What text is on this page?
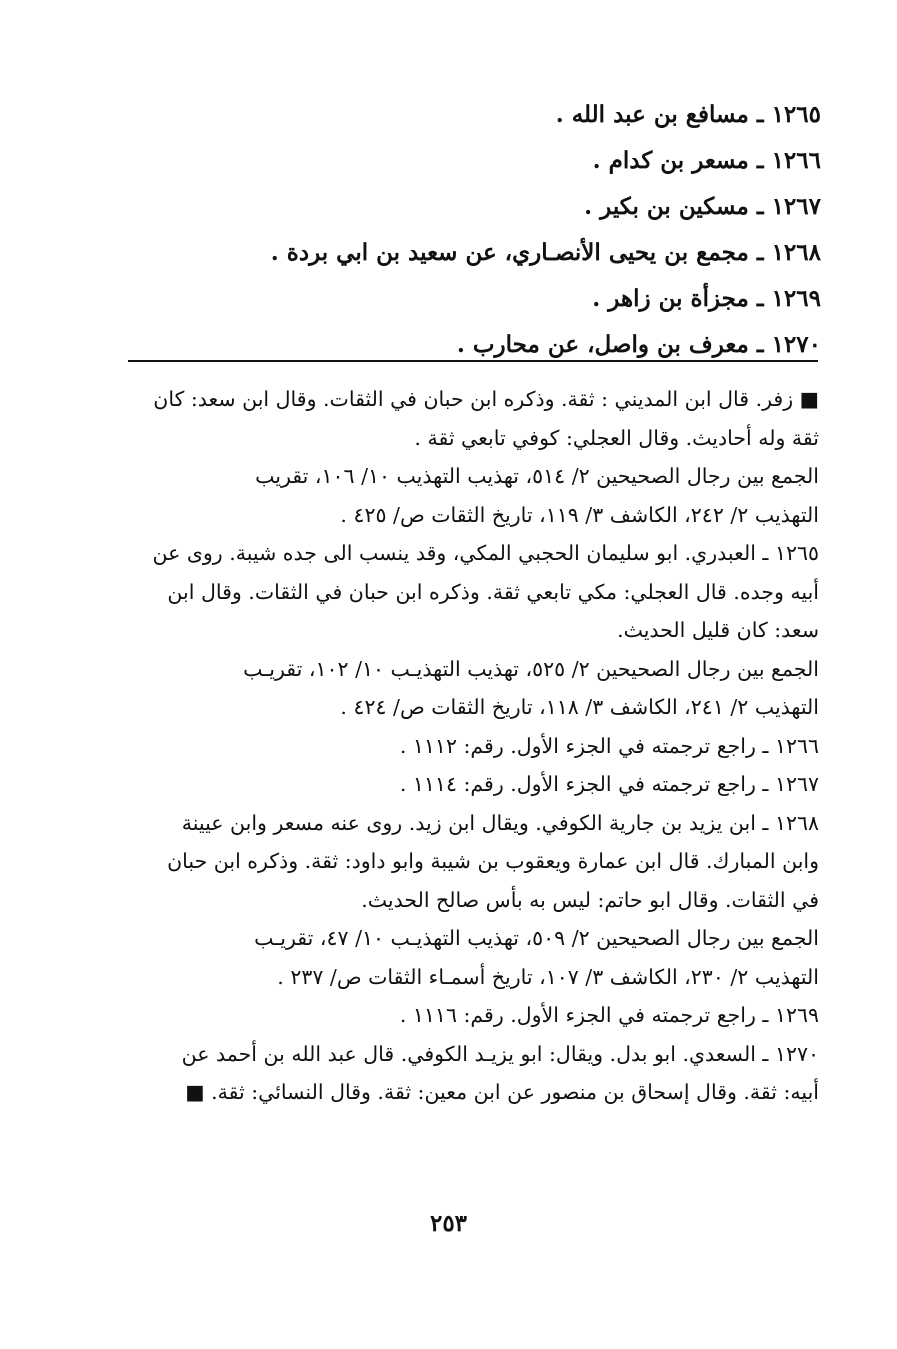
١٢٦٥ ـ مسافع بن عبد الله .
١٢٦٦ ـ مسعر بن كدام .
١٢٦٧ ـ مسكين بن بكير .
١٢٦٨ ـ مجمع بن يحيى الأنصـاري، عن سعيد بن ابي بردة .
١٢٦٩ ـ مجزأة بن زاهر .
١٢٧٠ ـ معرف بن واصل، عن محارب .
■ زفر. قال ابن المديني : ثقة. وذكره ابن حبان في الثقات. وقال ابن سعد: كان
ثقة وله أحاديث. وقال العجلي: كوفي تابعي ثقة .
الجمع بين رجال الصحيحين ٢/ ٥١٤، تهذيب التهذيب ١٠/ ١٠٦، تقريب
التهذيب ٢/ ٢٤٢، الكاشف ٣/ ١١٩، تاريخ الثقات ص/ ٤٢٥ .
١٢٦٥ ـ العبدري. ابو سليمان الحجبي المكي، وقد ينسب الى جده شيبة. روى عن
أبيه وجده. قال العجلي: مكي تابعي ثقة. وذكره ابن حبان في الثقات. وقال ابن
سعد: كان قليل الحديث.
الجمع بين رجال الصحيحين ٢/ ٥٢٥، تهذيب التهذيـب ١٠/ ١٠٢، تقريـب
التهذيب ٢/ ٢٤١، الكاشف ٣/ ١١٨، تاريخ الثقات ص/ ٤٢٤ .
١٢٦٦ ـ راجع ترجمته في الجزء الأول. رقم: ١١١٢ .
١٢٦٧ ـ راجع ترجمته في الجزء الأول. رقم: ١١١٤ .
١٢٦٨ ـ ابن يزيد بن جارية الكوفي. ويقال ابن زيد. روى عنه مسعر وابن عيينة
وابن المبارك. قال ابن عمارة ويعقوب بن شيبة وابو داود: ثقة. وذكره ابن حبان
في الثقات. وقال ابو حاتم: ليس به بأس صالح الحديث.
الجمع بين رجال الصحيحين ٢/ ٥٠٩، تهذيب التهذيـب ١٠/ ٤٧، تقريـب
التهذيب ٢/ ٢٣٠، الكاشف ٣/ ١٠٧، تاريخ أسمـاء الثقات ص/ ٢٣٧ .
١٢٦٩ ـ راجع ترجمته في الجزء الأول. رقم: ١١١٦ .
١٢٧٠ ـ السعدي. ابو بدل. ويقال: ابو يزيـد الكوفي. قال عبد الله بن أحمد عن
أبيه: ثقة. وقال إسحاق بن منصور عن ابن معين: ثقة. وقال النسائي: ثقة. ■
٢٥٣
